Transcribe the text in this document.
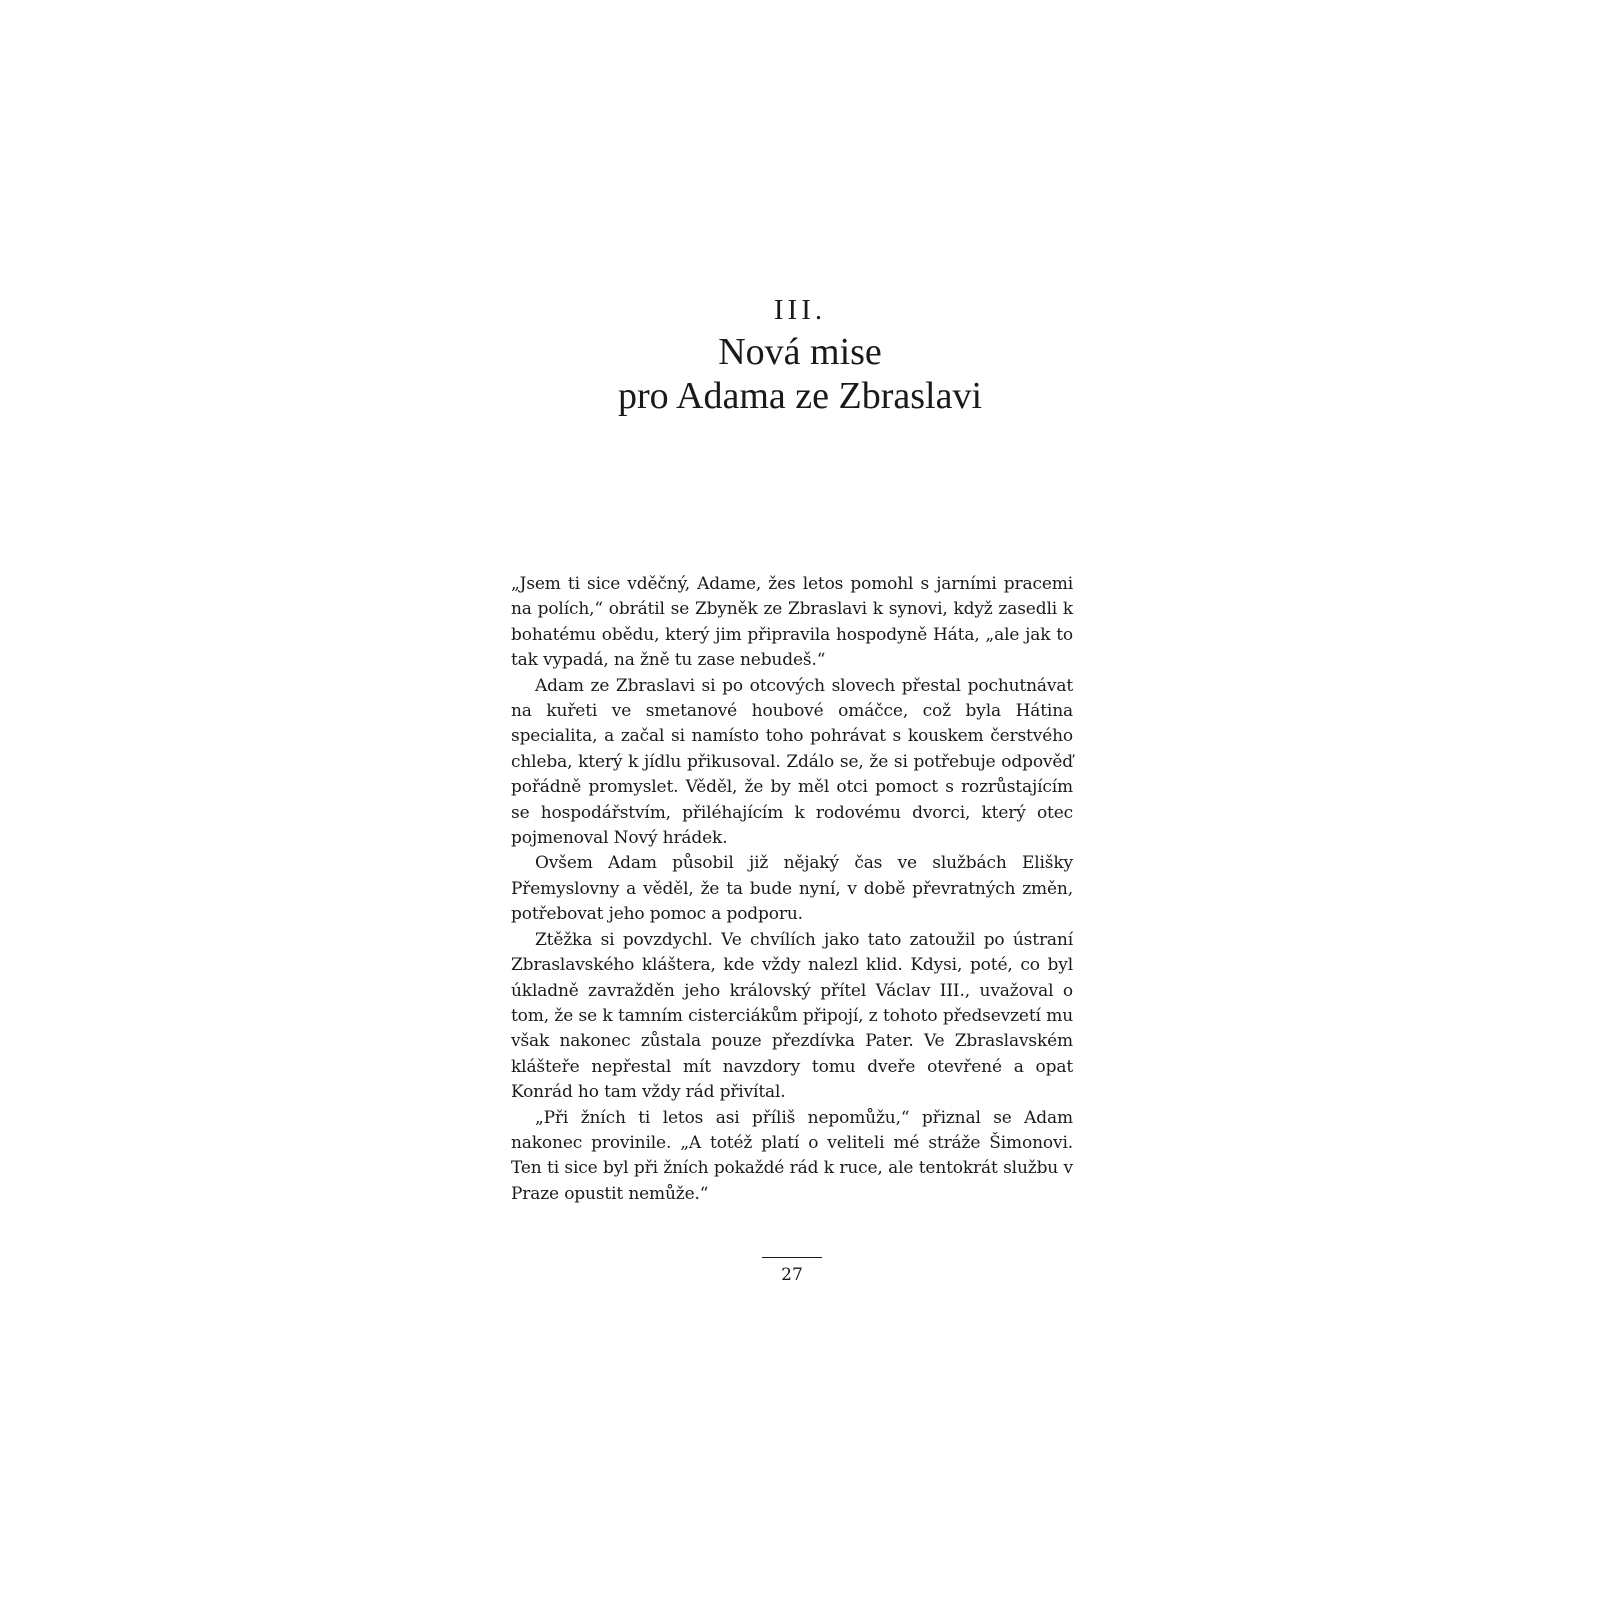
III.
Nová mise
pro Adama ze Zbraslavi

„Jsem ti sice vděčný, Adame, žes letos pomohl s jarními pracemi na polích,“ obrátil se Zbyněk ze Zbraslavi k synovi, když zasedli k bohatému obědu, který jim připravila hospodyně Háta, „ale jak to tak vypadá, na žně tu zase nebudeš.“

Adam ze Zbraslavi si po otcových slovech přestal pochutnávat na kuřeti ve smetanové houbové omáčce, což byla Hátina specialita, a začal si namísto toho pohrávat s kouskem čerstvého chleba, který k jídlu přikusoval. Zdálo se, že si potřebuje odpověď pořádně promyslet. Věděl, že by měl otci pomoct s rozrůstajícím se hospodářstvím, přiléhajícím k rodovému dvorci, který otec pojmenoval Nový hrádek.

Ovšem Adam působil již nějaký čas ve službách Elišky Přemyslovny a věděl, že ta bude nyní, v době převratných změn, potřebovat jeho pomoc a podporu.

Ztěžka si povzdychl. Ve chvílích jako tato zatoužil po ústraní Zbraslavského kláštera, kde vždy nalezl klid. Kdysi, poté, co byl úkladně zavražděn jeho královský přítel Václav III., uvažoval o tom, že se k tamním cisterciákům připojí, z tohoto předsevzetí mu však nakonec zůstala pouze přezdívka Pater. Ve Zbraslavském klášteře nepřestal mít navzdory tomu dveře otevřené a opat Konrád ho tam vždy rád přivítal.

„Při žních ti letos asi příliš nepomůžu,“ přiznal se Adam nakonec provinile. „A totéž platí o veliteli mé stráže Šimonovi. Ten ti sice byl při žních pokaždé rád k ruce, ale tentokrát službu v Praze opustit nemůže.“

27
